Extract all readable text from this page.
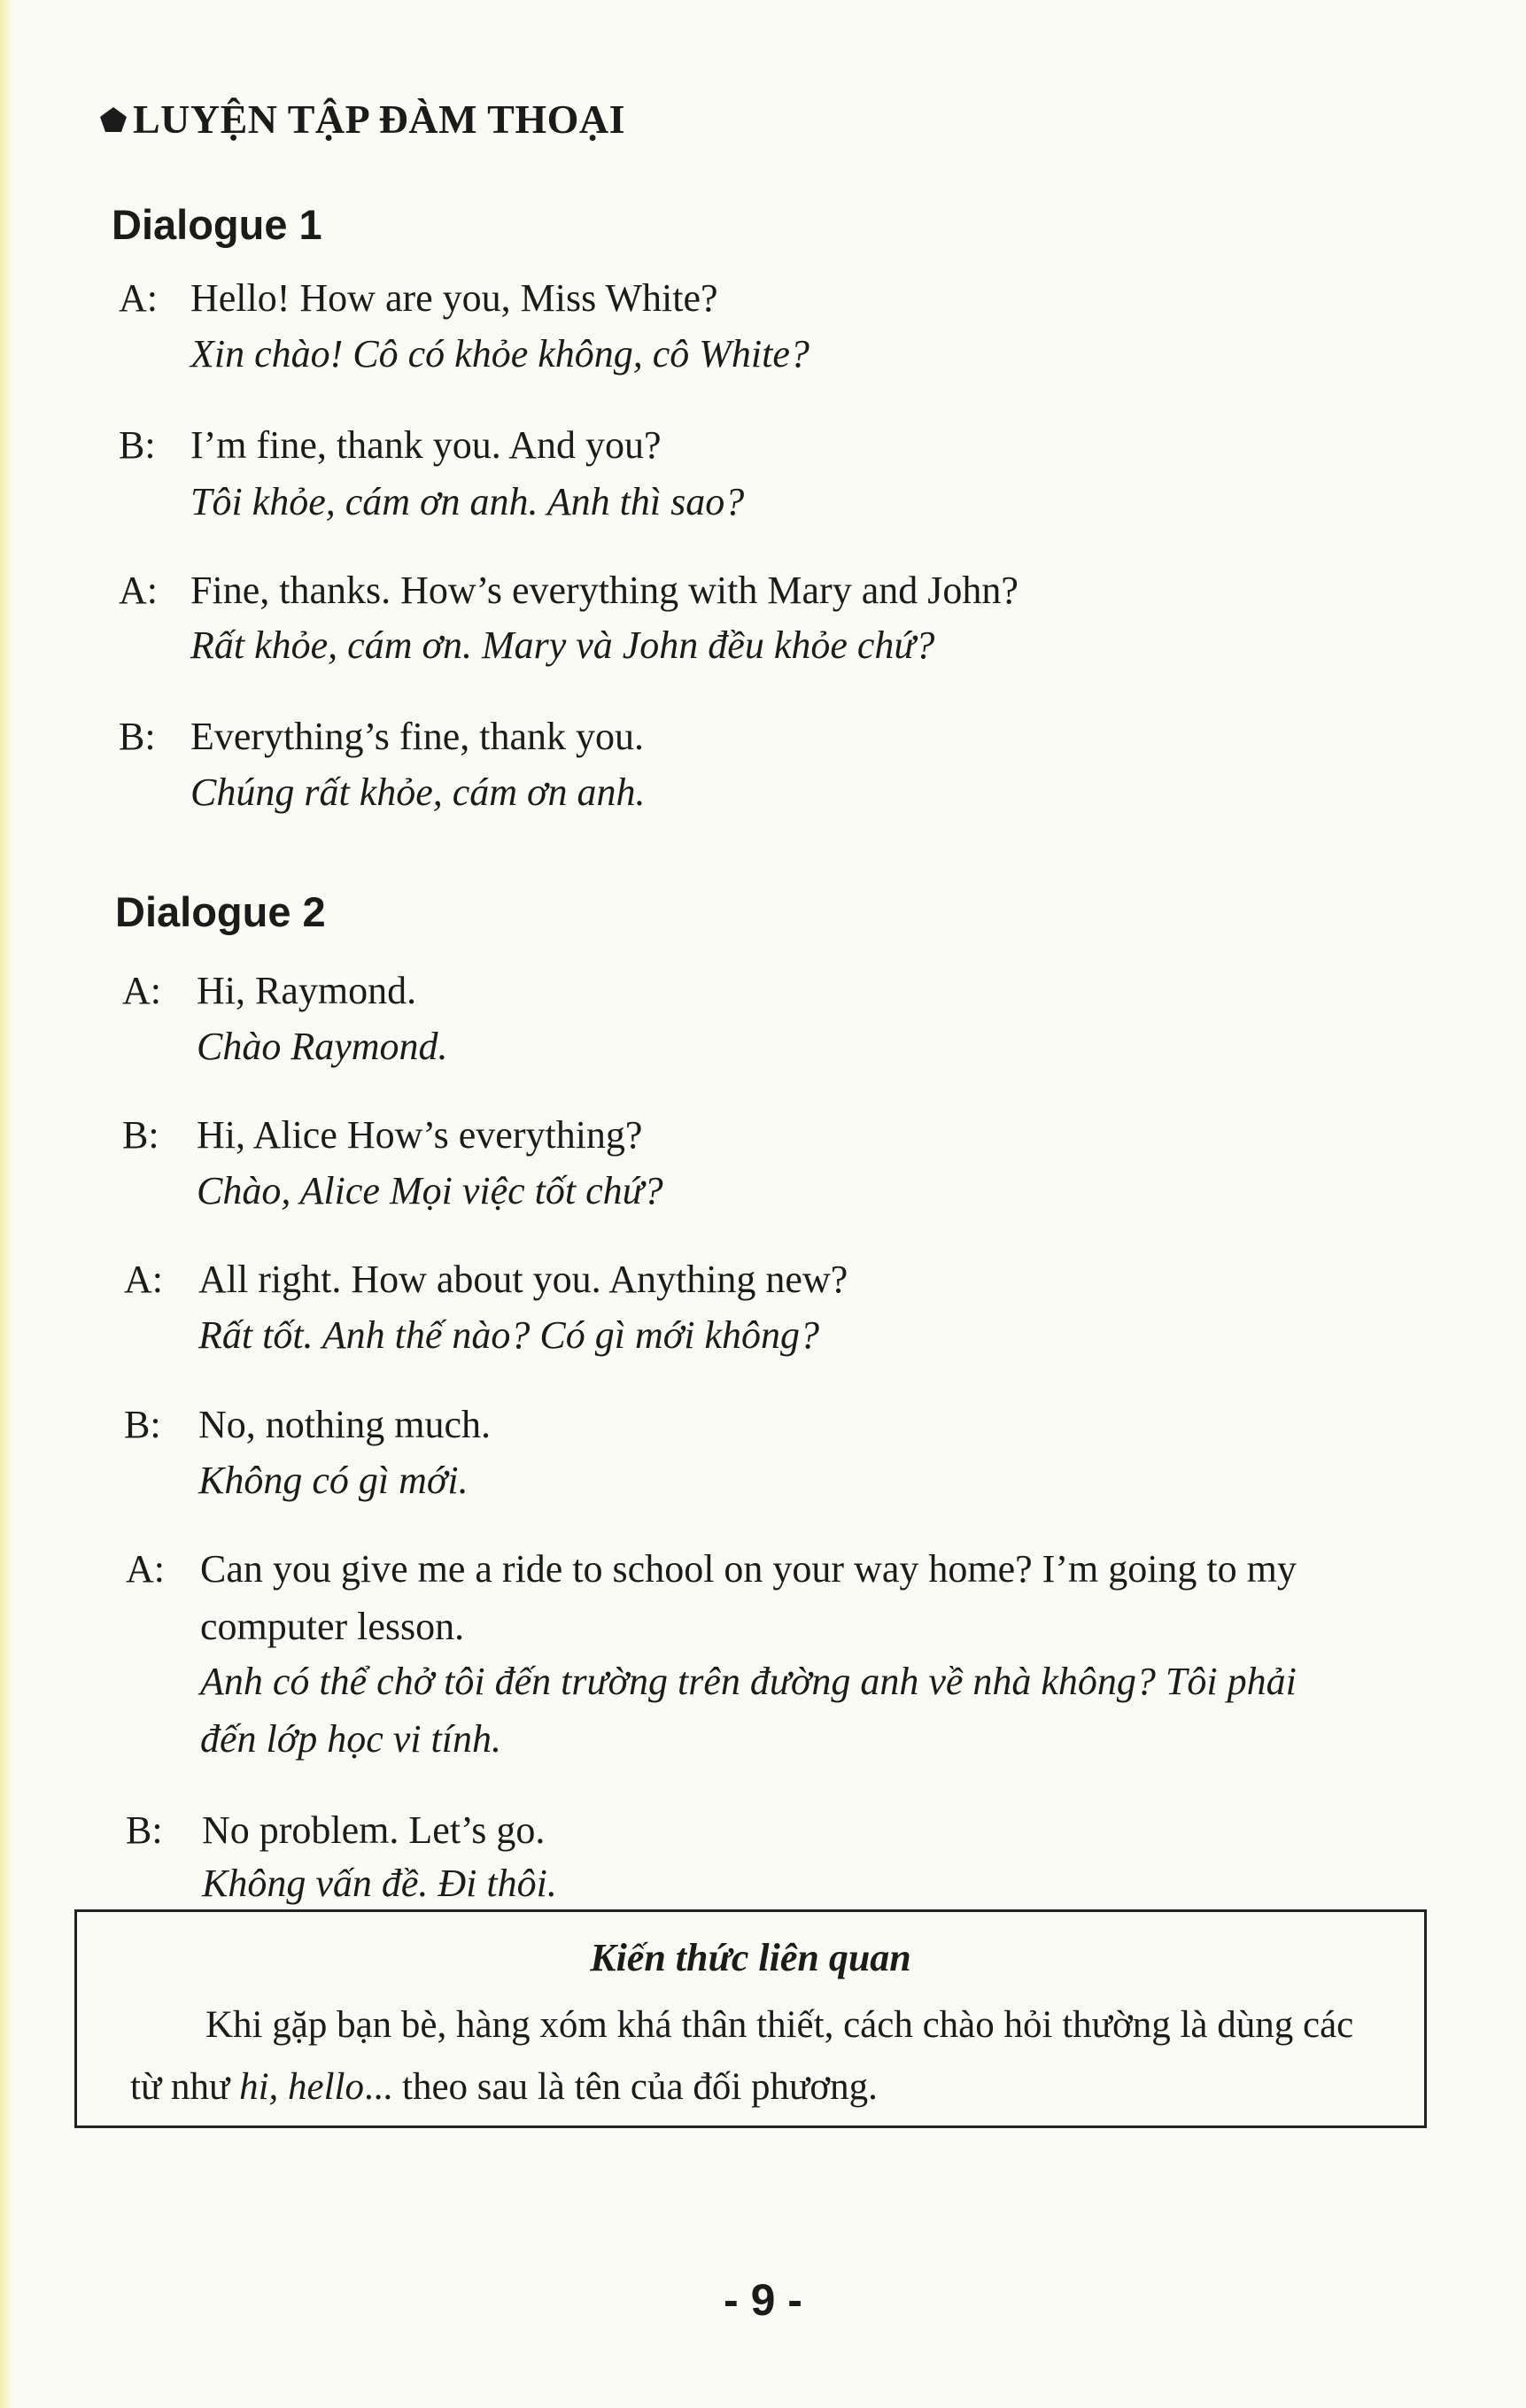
LUYỆN TẬP ĐÀM THOẠI
Dialogue 1
A: Hello! How are you, Miss White?
Xin chào! Cô có khỏe không, cô White?
B: I’m fine, thank you. And you?
Tôi khỏe, cám ơn anh. Anh thì sao?
A: Fine, thanks. How’s everything with Mary and John?
Rất khỏe, cám ơn. Mary và John đều khỏe chứ?
B: Everything’s fine, thank you.
Chúng rất khỏe, cám ơn anh.
Dialogue 2
A: Hi, Raymond.
Chào Raymond.
B: Hi, Alice How’s everything?
Chào, Alice Mọi việc tốt chứ?
A: All right. How about you. Anything new?
Rất tốt. Anh thế nào? Có gì mới không?
B: No, nothing much.
Không có gì mới.
A: Can you give me a ride to school on your way home? I’m going to my
computer lesson.
Anh có thể chở tôi đến trường trên đường anh về nhà không? Tôi phải
đến lớp học vi tính.
B:	No problem. Let’s go.
Không vấn đề. Đi thôi.
Kiến thức liên quan
Khi gặp bạn bè, hàng xóm khá thân thiết, cách chào hỏi thường là dùng các từ như hi, hello... theo sau là tên của đối phương.
- 9 -
